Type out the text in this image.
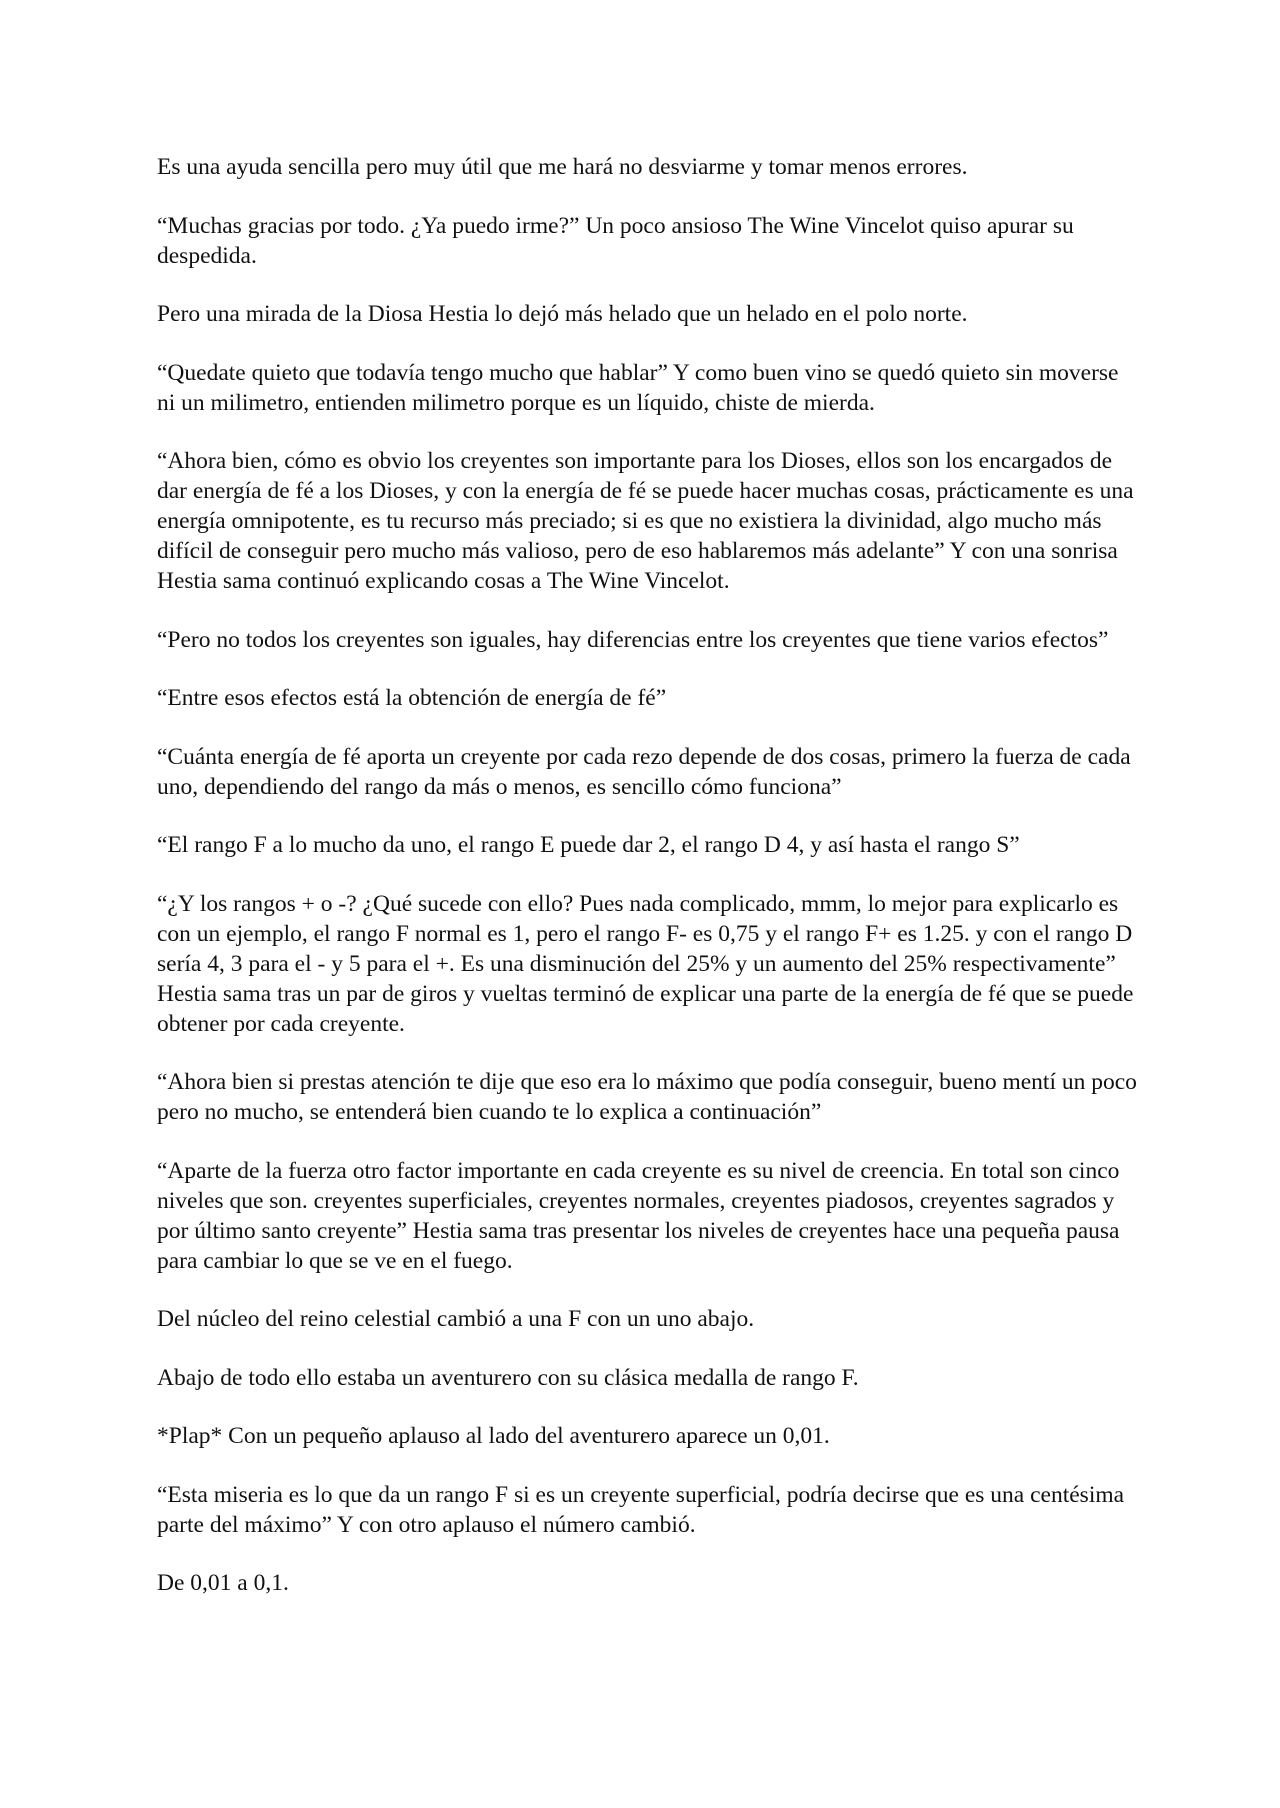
Es una ayuda sencilla pero muy útil que me hará no desviarme y tomar menos errores.

“Muchas gracias por todo. ¿Ya puedo irme?” Un poco ansioso The Wine Vincelot quiso apurar su despedida.

Pero una mirada de la Diosa Hestia lo dejó más helado que un helado en el polo norte.

“Quedate quieto que todavía tengo mucho que hablar” Y como buen vino se quedó quieto sin moverse ni un milimetro, entienden milimetro porque es un líquido, chiste de mierda.

“Ahora bien, cómo es obvio los creyentes son importante para los Dioses, ellos son los encargados de dar energía de fé a los Dioses, y con la energía de fé se puede hacer muchas cosas, prácticamente es una energía omnipotente, es tu recurso más preciado; si es que no existiera la divinidad, algo mucho más difícil de conseguir pero mucho más valioso, pero de eso hablaremos más adelante” Y con una sonrisa Hestia sama continuó explicando cosas a The Wine Vincelot.

“Pero no todos los creyentes son iguales, hay diferencias entre los creyentes que tiene varios efectos”

“Entre esos efectos está la obtención de energía de fé”

“Cuánta energía de fé aporta un creyente por cada rezo depende de dos cosas, primero la fuerza de cada uno, dependiendo del rango da más o menos, es sencillo cómo funciona”

“El rango F a lo mucho da uno, el rango E puede dar 2, el rango D 4, y así hasta el rango S”

“¿Y los rangos + o -? ¿Qué sucede con ello? Pues nada complicado, mmm, lo mejor para explicarlo es con un ejemplo, el rango F normal es 1, pero el rango F- es 0,75 y el rango F+ es 1.25. y con el rango D sería 4, 3 para el - y 5 para el +. Es una disminución del 25% y un aumento del 25% respectivamente” Hestia sama tras un par de giros y vueltas terminó de explicar una parte de la energía de fé que se puede obtener por cada creyente.

“Ahora bien si prestas atención te dije que eso era lo máximo que podía conseguir, bueno mentí un poco pero no mucho, se entenderá bien cuando te lo explica a continuación”

“Aparte de la fuerza otro factor importante en cada creyente es su nivel de creencia. En total son cinco niveles que son. creyentes superficiales, creyentes normales, creyentes piadosos, creyentes sagrados y por último santo creyente” Hestia sama tras presentar los niveles de creyentes hace una pequeña pausa para cambiar lo que se ve en el fuego.

Del núcleo del reino celestial cambió a una F con un uno abajo.

Abajo de todo ello estaba un aventurero con su clásica medalla de rango F.

*Plap* Con un pequeño aplauso al lado del aventurero aparece un 0,01.

“Esta miseria es lo que da un rango F si es un creyente superficial, podría decirse que es una centésima parte del máximo” Y con otro aplauso el número cambió.

De 0,01 a 0,1.
